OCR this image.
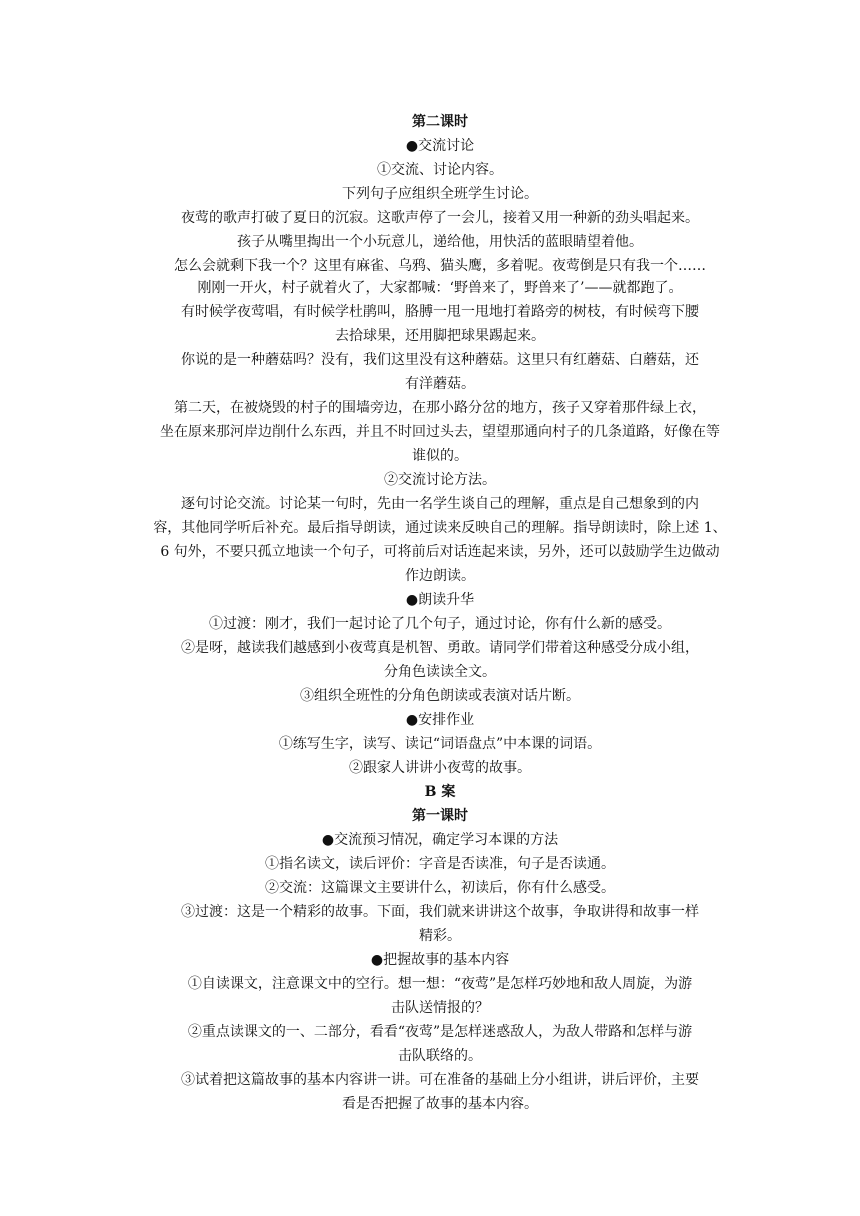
第二课时
●交流讨论
①交流、讨论内容。
下列句子应组织全班学生讨论。
夜莺的歌声打破了夏日的沉寂。这歌声停了一会儿，接着又用一种新的劲头唱起来。
孩子从嘴里掏出一个小玩意儿，递给他，用快活的蓝眼睛望着他。
怎么会就剩下我一个？这里有麻雀、乌鸦、猫头鹰，多着呢。夜莺倒是只有我一个……
刚刚一开火，村子就着火了，大家都喊：‘野兽来了，野兽来了’——就都跑了。
有时候学夜莺唱，有时候学杜鹃叫，胳膊一甩一甩地打着路旁的树枝，有时候弯下腰
去拾球果，还用脚把球果踢起来。
你说的是一种蘑菇吗？没有，我们这里没有这种蘑菇。这里只有红蘑菇、白蘑菇，还
有洋蘑菇。
第二天，在被烧毁的村子的围墙旁边，在那小路分岔的地方，孩子又穿着那件绿上衣，
坐在原来那河岸边削什么东西，并且不时回过头去，望望那通向村子的几条道路，好像在等
谁似的。
②交流讨论方法。
逐句讨论交流。讨论某一句时，先由一名学生谈自己的理解，重点是自己想象到的内
容，其他同学听后补充。最后指导朗读，通过读来反映自己的理解。指导朗读时，除上述 1、
6 句外，不要只孤立地读一个句子，可将前后对话连起来读，另外，还可以鼓励学生边做动
作边朗读。
●朗读升华
①过渡：刚才，我们一起讨论了几个句子，通过讨论，你有什么新的感受。
②是呀，越读我们越感到小夜莺真是机智、勇敢。请同学们带着这种感受分成小组，
分角色读读全文。
③组织全班性的分角色朗读或表演对话片断。
●安排作业
①练写生字，读写、读记“词语盘点”中本课的词语。
②跟家人讲讲小夜莺的故事。
B 案
第一课时
●交流预习情况，确定学习本课的方法
①指名读文，读后评价：字音是否读准，句子是否读通。
②交流：这篇课文主要讲什么，初读后，你有什么感受。
③过渡：这是一个精彩的故事。下面，我们就来讲讲这个故事，争取讲得和故事一样
精彩。
●把握故事的基本内容
①自读课文，注意课文中的空行。想一想：“夜莺”是怎样巧妙地和敌人周旋，为游
击队送情报的？
②重点读课文的一、二部分，看看“夜莺”是怎样迷惑敌人，为敌人带路和怎样与游
击队联络的。
③试着把这篇故事的基本内容讲一讲。可在准备的基础上分小组讲，讲后评价，主要
看是否把握了故事的基本内容。
